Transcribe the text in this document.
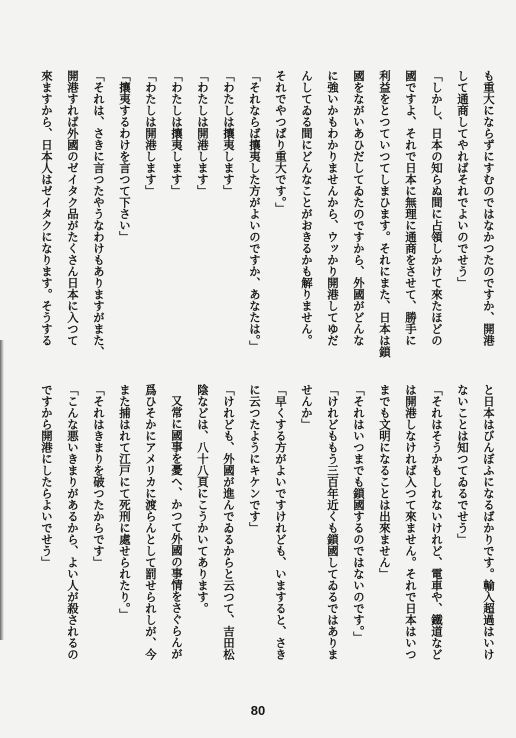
も重大にならずにすむのではなかつたのですか、開港

して通商してやればそれでよいのでせう」

「しかし、日本の知らぬ間に占領しかけて來たほどの

國ですよ、それで日本に無理に通商をさせて、勝手に

利益をとつていつてしまひます。それにまた、日本は鎖

國をながいあひだしてゐたのですから、外國がどんな

に強いかもわかりませんから、ウッかり開港してゆだ

んしてゐる間にどんなことがおきるかも解りません。

それでやつぱり重大です。」

「それならば攘夷した方がよいのですか、あなたは。」

「わたしは攘夷します」

「わたしは開港します」

「わたしは攘夷します」

「わたしは開港します」

「攘夷するわけを言つて下さい」

「それは、さきに言つたやうなわけもありますがまた、

開港すれば外國のゼイタク品がたくさん日本に入つて

來ますから、日本人はゼイタクになります。そうする

と日本はびんぼふになるばかりです。輸入超過はいけ

ないことは知つてゐるでせう」

「それはそうかもしれないけれど、電車や、鐵道など

は開港しなければ入つて來ません。それで日本はいつ

までも文明になることは出來ません」

「それはいつまでも鎖國するのではないのです。」

「けれどももう三百年近くも鎖國してゐるではありま

せんか」

「早くする方がよいですけれども、いますると、さき

に云つたようにキケンです」

「けれども、外國が進んでゐるからと云つて、吉田松

陰などは、八十八頁にこうかいてあります。

又常に國事を憂へ、かつて外國の事情をさぐらんが

爲ひそかにアメリカに渡らんとして罰せられしが、今

また捕はれて江戸にて死刑に處せられたり。」

「それはきまりを破つたからです」

「こんな悪いきまりがあるから、よい人が殺されるの

ですから開港にしたらよいでせう」

80
